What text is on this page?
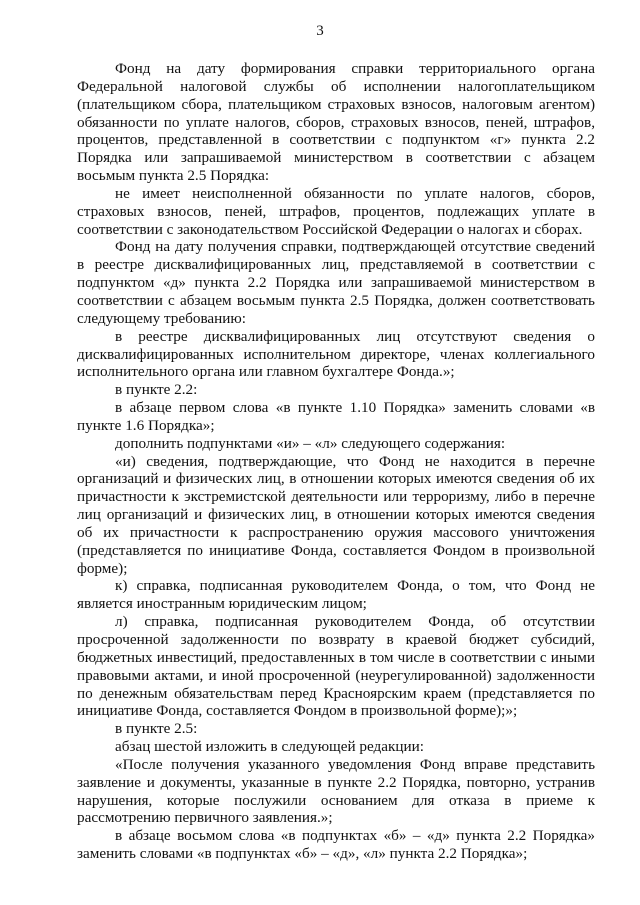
3

Фонд на дату формирования справки территориального органа Федеральной налоговой службы об исполнении налогоплательщиком (плательщиком сбора, плательщиком страховых взносов, налоговым агентом) обязанности по уплате налогов, сборов, страховых взносов, пеней, штрафов, процентов, представленной в соответствии с подпунктом «г» пункта 2.2 Порядка или запрашиваемой министерством в соответствии с абзацем восьмым пункта 2.5 Порядка:

не имеет неисполненной обязанности по уплате налогов, сборов, страховых взносов, пеней, штрафов, процентов, подлежащих уплате в соответствии с законодательством Российской Федерации о налогах и сборах.

Фонд на дату получения справки, подтверждающей отсутствие сведений в реестре дисквалифицированных лиц, представляемой в соответствии с подпунктом «д» пункта 2.2 Порядка или запрашиваемой министерством в соответствии с абзацем восьмым пункта 2.5 Порядка, должен соответствовать следующему требованию:

в реестре дисквалифицированных лиц отсутствуют сведения о дисквалифицированных исполнительном директоре, членах коллегиального исполнительного органа или главном бухгалтере Фонда.»;

в пункте 2.2:

в абзаце первом слова «в пункте 1.10 Порядка» заменить словами «в пункте 1.6 Порядка»;

дополнить подпунктами «и» – «л» следующего содержания:

«и) сведения, подтверждающие, что Фонд не находится в перечне организаций и физических лиц, в отношении которых имеются сведения об их причастности к экстремистской деятельности или терроризму, либо в перечне лиц организаций и физических лиц, в отношении которых имеются сведения об их причастности к распространению оружия массового уничтожения (представляется по инициативе Фонда, составляется Фондом в произвольной форме);

к) справка, подписанная руководителем Фонда, о том, что Фонд не является иностранным юридическим лицом;

л) справка, подписанная руководителем Фонда, об отсутствии просроченной задолженности по возврату в краевой бюджет субсидий, бюджетных инвестиций, предоставленных в том числе в соответствии с иными правовыми актами, и иной просроченной (неурегулированной) задолженности по денежным обязательствам перед Красноярским краем (представляется по инициативе Фонда, составляется Фондом в произвольной форме);»;

в пункте 2.5:

абзац шестой изложить в следующей редакции:

«После получения указанного уведомления Фонд вправе представить заявление и документы, указанные в пункте 2.2 Порядка, повторно, устранив нарушения, которые послужили основанием для отказа в приеме к рассмотрению первичного заявления.»;

в абзаце восьмом слова «в подпунктах «б» – «д» пункта 2.2 Порядка» заменить словами «в подпунктах «б» – «д», «л» пункта 2.2 Порядка»;
